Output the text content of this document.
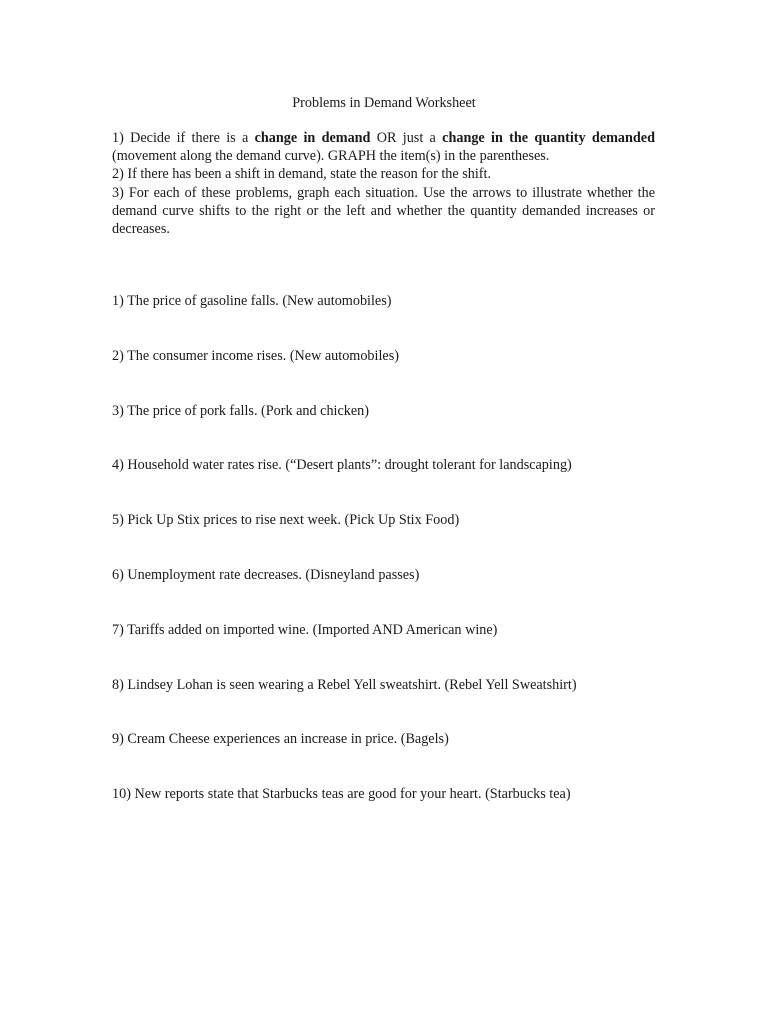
Problems in Demand Worksheet

1) Decide if there is a change in demand OR just a change in the quantity demanded (movement along the demand curve). GRAPH the item(s) in the parentheses.

2) If there has been a shift in demand, state the reason for the shift.

3) For each of these problems, graph each situation. Use the arrows to illustrate whether the demand curve shifts to the right or the left and whether the quantity demanded increases or decreases.

1) The price of gasoline falls. (New automobiles)
2) The consumer income rises. (New automobiles)
3) The price of pork falls. (Pork and chicken)
4) Household water rates rise. (“Desert plants”: drought tolerant for landscaping)
5) Pick Up Stix prices to rise next week. (Pick Up Stix Food)
6) Unemployment rate decreases. (Disneyland passes)
7) Tariffs added on imported wine. (Imported AND American wine)
8) Lindsey Lohan is seen wearing a Rebel Yell sweatshirt. (Rebel Yell Sweatshirt)
9) Cream Cheese experiences an increase in price. (Bagels)
10) New reports state that Starbucks teas are good for your heart. (Starbucks tea)
